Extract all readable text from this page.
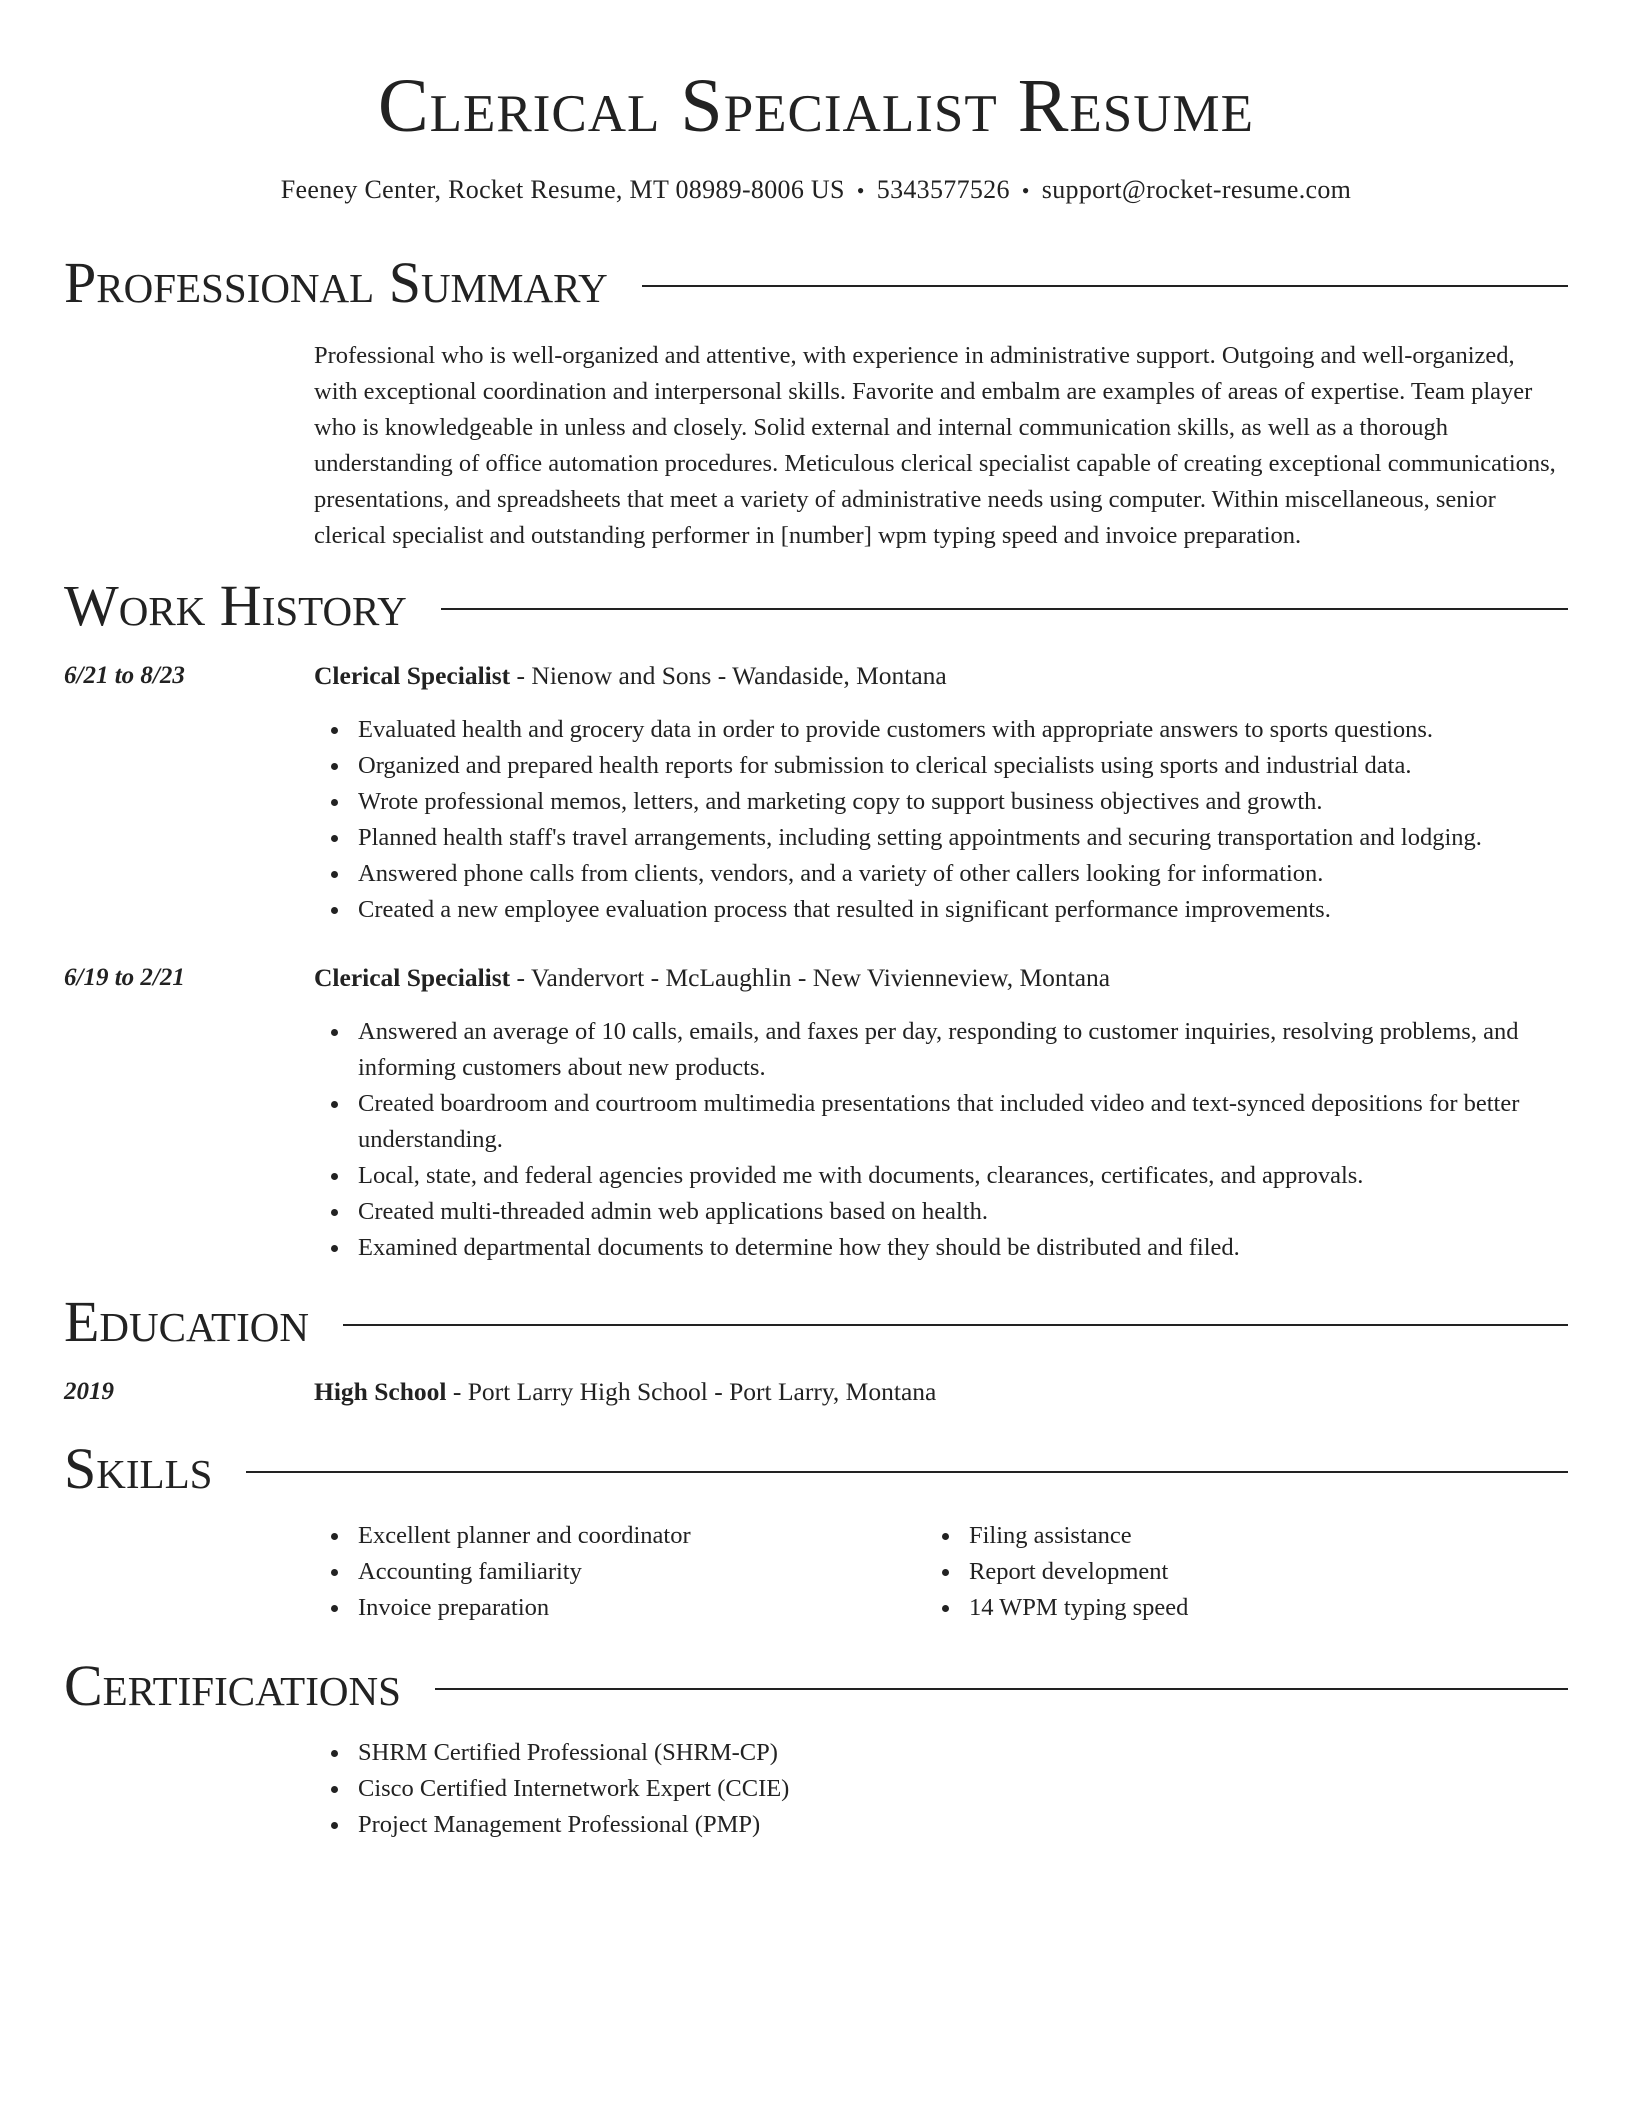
Clerical Specialist Resume
Feeney Center, Rocket Resume, MT 08989-8006 US • 5343577526 • support@rocket-resume.com
Professional Summary
Professional who is well-organized and attentive, with experience in administrative support. Outgoing and well-organized, with exceptional coordination and interpersonal skills. Favorite and embalm are examples of areas of expertise. Team player who is knowledgeable in unless and closely. Solid external and internal communication skills, as well as a thorough understanding of office automation procedures. Meticulous clerical specialist capable of creating exceptional communications, presentations, and spreadsheets that meet a variety of administrative needs using computer. Within miscellaneous, senior clerical specialist and outstanding performer in [number] wpm typing speed and invoice preparation.
Work History
6/21 to 8/23	Clerical Specialist - Nienow and Sons - Wandaside, Montana
Evaluated health and grocery data in order to provide customers with appropriate answers to sports questions.
Organized and prepared health reports for submission to clerical specialists using sports and industrial data.
Wrote professional memos, letters, and marketing copy to support business objectives and growth.
Planned health staff's travel arrangements, including setting appointments and securing transportation and lodging.
Answered phone calls from clients, vendors, and a variety of other callers looking for information.
Created a new employee evaluation process that resulted in significant performance improvements.
6/19 to 2/21	Clerical Specialist - Vandervort - McLaughlin - New Vivienneview, Montana
Answered an average of 10 calls, emails, and faxes per day, responding to customer inquiries, resolving problems, and informing customers about new products.
Created boardroom and courtroom multimedia presentations that included video and text-synced depositions for better understanding.
Local, state, and federal agencies provided me with documents, clearances, certificates, and approvals.
Created multi-threaded admin web applications based on health.
Examined departmental documents to determine how they should be distributed and filed.
Education
2019	High School - Port Larry High School - Port Larry, Montana
Skills
Excellent planner and coordinator
Accounting familiarity
Invoice preparation
Filing assistance
Report development
14 WPM typing speed
Certifications
SHRM Certified Professional (SHRM-CP)
Cisco Certified Internetwork Expert (CCIE)
Project Management Professional (PMP)
